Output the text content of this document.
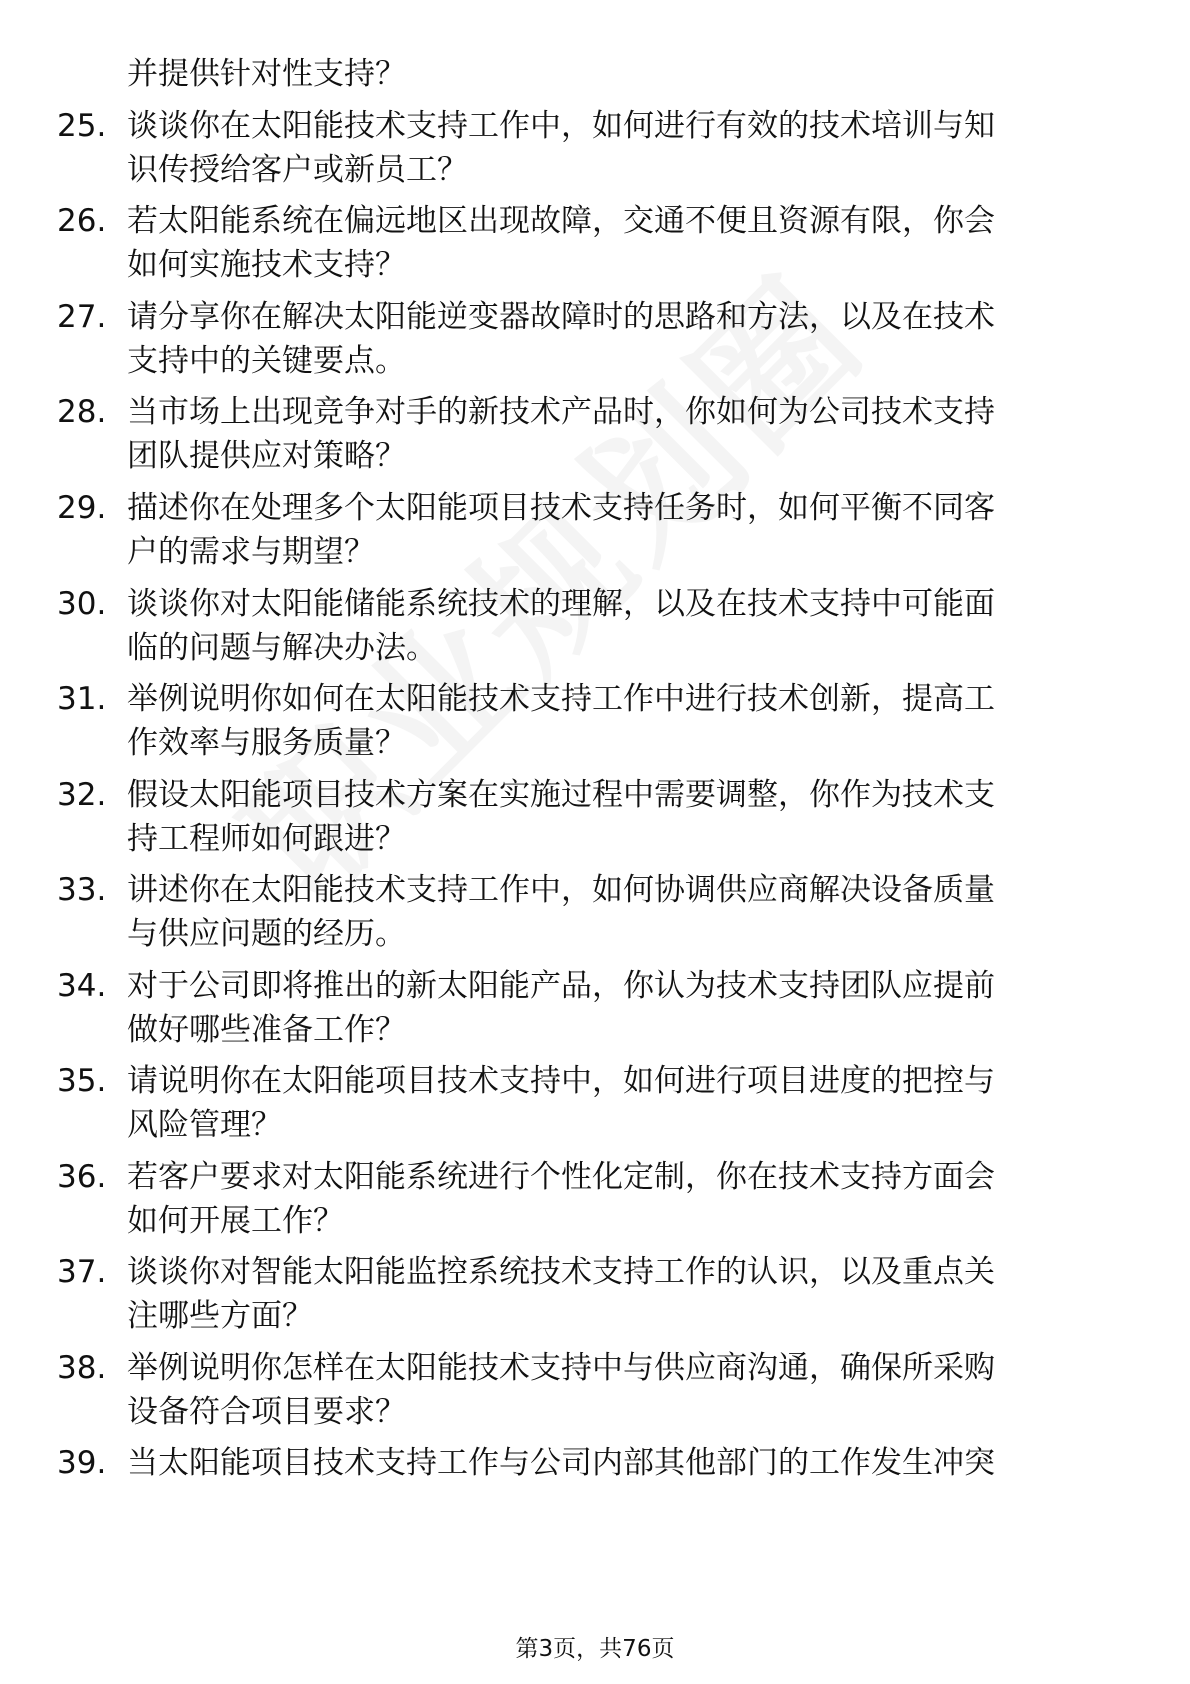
并提供针对性支持？
25. 谈谈你在太阳能技术支持工作中，如何进行有效的技术培训与知
识传授给客户或新员工？
26. 若太阳能系统在偏远地区出现故障，交通不便且资源有限，你会
如何实施技术支持？
27. 请分享你在解决太阳能逆变器故障时的思路和方法，以及在技术
支持中的关键要点。
28. 当市场上出现竞争对手的新技术产品时，你如何为公司技术支持
团队提供应对策略？
29. 描述你在处理多个太阳能项目技术支持任务时，如何平衡不同客
户的需求与期望？
30. 谈谈你对太阳能储能系统技术的理解，以及在技术支持中可能面
临的问题与解决办法。
31. 举例说明你如何在太阳能技术支持工作中进行技术创新，提高工
作效率与服务质量？
32. 假设太阳能项目技术方案在实施过程中需要调整，你作为技术支
持工程师如何跟进？
33. 讲述你在太阳能技术支持工作中，如何协调供应商解决设备质量
与供应问题的经历。
34. 对于公司即将推出的新太阳能产品，你认为技术支持团队应提前
做好哪些准备工作？
35. 请说明你在太阳能项目技术支持中，如何进行项目进度的把控与
风险管理？
36. 若客户要求对太阳能系统进行个性化定制，你在技术支持方面会
如何开展工作？
37. 谈谈你对智能太阳能监控系统技术支持工作的认识，以及重点关
注哪些方面？
38. 举例说明你怎样在太阳能技术支持中与供应商沟通，确保所采购
设备符合项目要求？
39. 当太阳能项目技术支持工作与公司内部其他部门的工作发生冲突
第3页，共76页
